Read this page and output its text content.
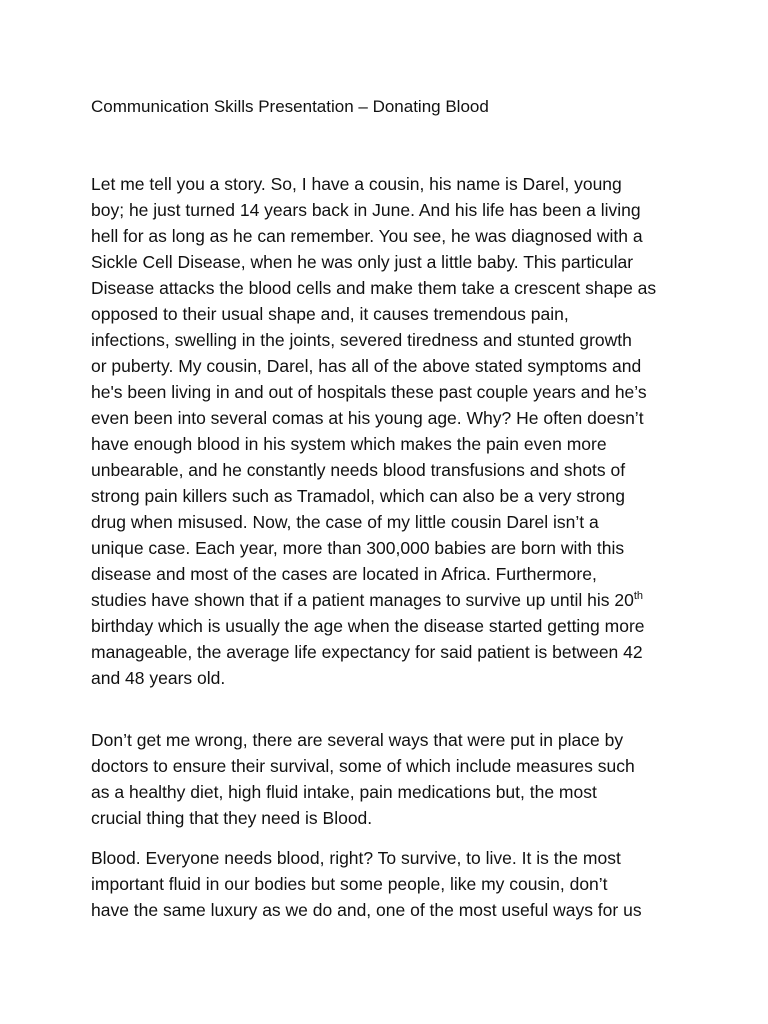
Communication Skills Presentation – Donating Blood
Let me tell you a story. So, I have a cousin, his name is Darel, young
boy; he just turned 14 years back in June. And his life has been a living
hell for as long as he can remember. You see, he was diagnosed with a
Sickle Cell Disease, when he was only just a little baby. This particular
Disease attacks the blood cells and make them take a crescent shape as
opposed to their usual shape and, it causes tremendous pain,
infections, swelling in the joints, severed tiredness and stunted growth
or puberty. My cousin, Darel, has all of the above stated symptoms and
he's been living in and out of hospitals these past couple years and he’s
even been into several comas at his young age. Why? He often doesn’t
have enough blood in his system which makes the pain even more
unbearable, and he constantly needs blood transfusions and shots of
strong pain killers such as Tramadol, which can also be a very strong
drug when misused. Now, the case of my little cousin Darel isn’t a
unique case. Each year, more than 300,000 babies are born with this
disease and most of the cases are located in Africa. Furthermore,
studies have shown that if a patient manages to survive up until his 20th
birthday which is usually the age when the disease started getting more
manageable, the average life expectancy for said patient is between 42
and 48 years old.
Don’t get me wrong, there are several ways that were put in place by
doctors to ensure their survival, some of which include measures such
as a healthy diet, high fluid intake, pain medications but, the most
crucial thing that they need is Blood.
Blood. Everyone needs blood, right? To survive, to live. It is the most
important fluid in our bodies but some people, like my cousin, don’t
have the same luxury as we do and, one of the most useful ways for us
